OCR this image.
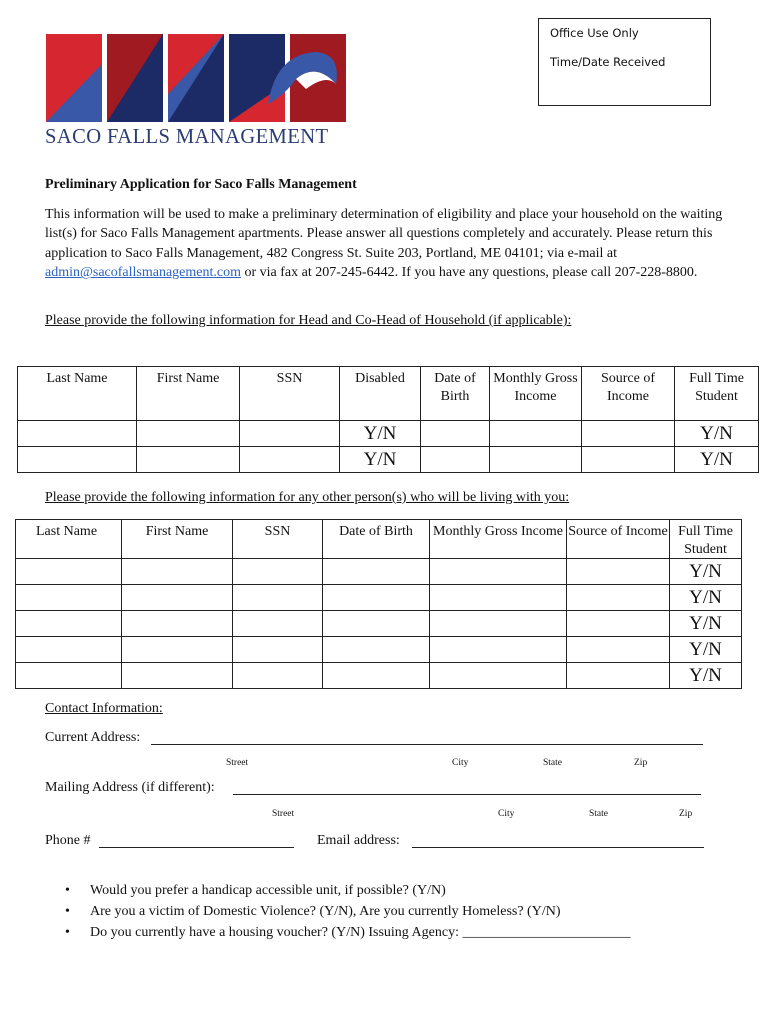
Office Use Only
Time/Date Received
SACO FALLS MANAGEMENT
Preliminary Application for Saco Falls Management
This information will be used to make a preliminary determination of eligibility and place your household on the waiting list(s) for Saco Falls Management apartments. Please answer all questions completely and accurately. Please return this application to Saco Falls Management, 482 Congress St. Suite 203, Portland, ME 04101; via e-mail at admin@sacofallsmanagement.com or via fax at 207-245-6442. If you have any questions, please call 207-228-8800.
Please provide the following information for Head and Co-Head of Household (if applicable):
Last Name	First Name	SSN	Disabled	Date of Birth	Monthly Gross Income	Source of Income	Full Time Student
			Y/N				Y/N
			Y/N				Y/N
Please provide the following information for any other person(s) who will be living with you:
Last Name	First Name	SSN	Date of Birth	Monthly Gross Income	Source of Income	Full Time Student
						Y/N
						Y/N
						Y/N
						Y/N
						Y/N
Contact Information:
Current Address:
Street	City	State	Zip
Mailing Address (if different):
Street	City	State	Zip
Phone #	Email address:
• Would you prefer a handicap accessible unit, if possible? (Y/N)
• Are you a victim of Domestic Violence? (Y/N), Are you currently Homeless? (Y/N)
• Do you currently have a housing voucher? (Y/N) Issuing Agency: ________________________
